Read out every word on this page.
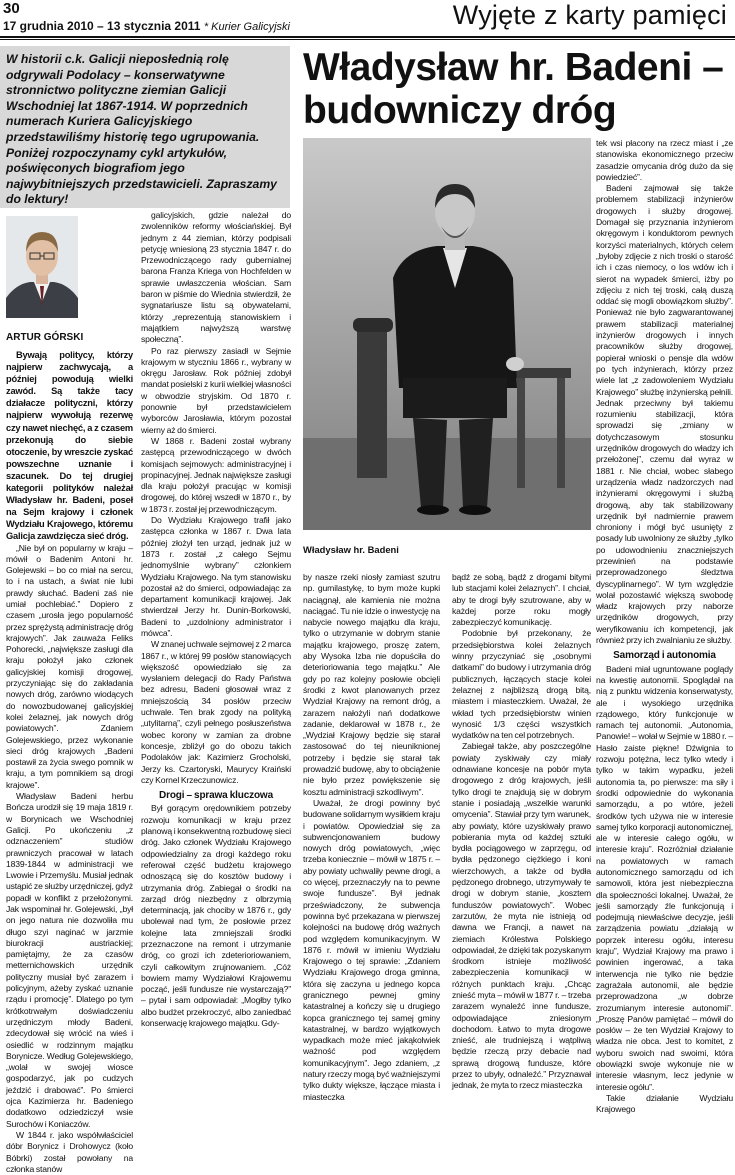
30
17 grudnia 2010 – 13 stycznia 2011 * Kurier Galicyjski	Wyjęte z karty pamięci
W historii c.k. Galicji nieposłednią rolę odgrywali Podolacy – konserwatywne stronnictwo polityczne ziemian Galicji Wschodniej lat 1867-1914. W poprzednich numerach Kuriera Galicyjskiego przedstawiliśmy historię tego ugrupowania. Poniżej rozpoczynamy cykl artykułów, poświęconych biografiom jego najwybitniejszych przedstawicieli. Zapraszamy do lektury!
Władysław hr. Badeni – budowniczy dróg
ARTUR GÓRSKI

Bywają politycy, którzy najpierw zachwycają, a później powodują wielki zawód. Są także tacy działacze polityczni, którzy najpierw wywołują rezerwę czy nawet niechęć, a z czasem przekonują do siebie otoczenie, by wreszcie zyskać powszechne uznanie i szacunek. Do tej drugiej kategorii polityków należał Władysław hr. Badeni, poseł na Sejm krajowy i członek Wydziału Krajowego, któremu Galicja zawdzięcza sieć dróg.

„Nie był on popularny w kraju – mówił o Badenim Antoni hr. Golejewski – bo co miał na sercu, to i na ustach, a świat nie lubi prawdy słuchać. Badeni zaś nie umiał pochlebiać.” Dopiero z czasem „urosła jego popularność przez sprężystą administrację dróg krajowych”. Jak zauważa Feliks Pohorecki, „największe zasługi dla kraju położył jako członek galicyjskiej komisji drogowej, przyczyniając się do zakładania nowych dróg, zarówno wiodących do nowozbudowanej galicyjskiej kolei żelaznej, jak nowych dróg powiatowych”. Zdaniem Golejewskiego, przez wykonanie sieci dróg krajowych „Badeni postawił za życia swego pomnik w kraju, a tym pomnikiem są drogi krajowe”.

Władysław Badeni herbu Bończa urodził się 19 maja 1819 r. w Borynicach we Wschodniej Galicji. Po ukończeniu „z odznaczeniem” studiów prawniczych pracował w latach 1839-1844 w administracji we Lwowie i Przemyślu. Musiał jednak ustąpić ze służby urzędniczej, gdyż popadł w konflikt z przełożonymi. Jak wspominał hr. Golejewski, „był on jego natura nie dozwoliła mu długo szyi naginać w jarzmie biurokracji austriackiej; pamiętajmy, że za czasów metternichowskich urzędnik polityczny musiał być zarazem i policyjnym, ażeby zyskać uznanie rządu i promocję”. Dlatego po tym krótkotrwałym doświadczeniu urzędniczym młody Badeni, zdecydował się wrócić na wieś i osiedlić w rodzinnym majątku Borynicze. Według Golejewskiego, „wolał w swojej wiosce gospodarzyć, jak po cudzych jeździć i drabować”. Po śmierci ojca Kazimierza hr. Badeniego dodatkowo odziedziczył wsie Surochów i Koniaczów.

W 1844 r. jako współwłaściciel dóbr Borynicz i Drohowycz (koło Bóbrki) został powołany na członka stanów

galicyjskich, gdzie należał do zwolenników reformy włościańskiej. Był jednym z 44 ziemian, którzy podpisali petycję wniesioną 23 stycznia 1847 r. do Przewodniczącego rady gubernialnej barona Franza Kriega von Hochfelden w sprawie uwłaszczenia włościan. Sam baron w piśmie do Wiednia stwierdził, że sygnatariusze listu są obywatelami, którzy „reprezentują stanowiskiem i majątkiem najwyższą warstwę społeczną”.

Po raz pierwszy zasiadł w Sejmie krajowym w styczniu 1866 r., wybrany w okręgu Jarosław. Rok później zdobył mandat posielski z kurii wielkiej własności w obwodzie stryjskim. Od 1870 r. ponownie był przedstawicielem wyborców Jarosławia, którym pozostał wierny aż do śmierci.

W 1868 r. Badeni został wybrany zastępcą przewodniczącego w dwóch komisjach sejmowych: administracyjnej i propinacyjnej. Jednak największe zasługi dla kraju położył pracując w komisji drogowej, do której wszedł w 1870 r., by w 1873 r. został jej przewodniczącym.

Do Wydziału Krajowego trafił jako zastępca członka w 1867 r. Dwa lata później złożył ten urząd, jednak już w 1873 r. został „z całego Sejmu jednomyślnie wybrany” członkiem Wydziału Krajowego. Na tym stanowisku pozostał aż do śmierci, odpowiadając za departament komunikacji krajowej. Jak stwierdzał Jerzy hr. Dunin-Borkowski, Badeni to „uzdolniony administrator i mówca”.

W znanej uchwale sejmowej z 2 marca 1867 r., w której 99 posłów stanowiących większość opowiedziało się za wysłaniem delegacji do Rady Państwa bez adresu, Badeni głosował wraz z mniejszością 34 posłów przeciw uchwale. Ten brak zgody na polityką „utylitarną”, czyli pełnego posłuszeństwa wobec korony w zamian za drobne koncesje, zbliżył go do obozu takich Podolaków jak: Kazimierz Grocholski, Jerzy ks. Czartoryski, Maurycy Kraiński czy Kornel Krzeczunowicz.

Drogi – sprawa kluczowa

Był gorącym orędownikiem potrzeby rozwoju komunikacji w kraju przez planową i konsekwentną rozbudowę sieci dróg. Jako członek Wydziału Krajowego odpowiedzialny za drogi każdego roku referował część budżetu krajowego odnoszącą się do kosztów budowy i utrzymania dróg. Zabiegał o środki na zarząd dróg niezbędny z olbrzymią determinacją, jak chociby w 1876 r., gdy ubolewał nad tym, że posłowie przez kolejne lata zmniejszali środki przeznaczone na remont i utrzymanie dróg, co grozi ich zdeterioriowaniem, czyli całkowitym zrujnowaniem. „Cóż bowiem mamy Wydziałowi Krajowemu począć, jeśli fundusze nie wystarczają?” – pytał i sam odpowiadał: „Mogłby tylko albo budżet przekroczyć, albo zaniedbać konserwację krajowego majątku. Gdy-

Władysław hr. Badeni

tek wsi płacony na rzecz miast i „ze stanowiska ekonomicznego przeciw zasadzie omycania dróg dużo da się powiedzieć”.

Badeni zajmował się także problemem stabilizacji inżynierów drogowych i służby drogowej. Domagał się przyznania inżynierom okręgowym i konduktorom pewnych korzyści materialnych, których celem „byłoby zdjęcie z nich troski o starość ich i czas niemocy, o los wdów ich i sierot na wypadek śmierci, iżby po zdjęciu z nich tej troski, całą duszą oddać się mogli obowiązkom służby”. Ponieważ nie było zagwarantowanej prawem stabilizacji materialnej inżynierów drogowych i innych pracowników służby drogowej, popierał wnioski o pensje dla wdów po tych inżynierach, którzy przez wiele lat „z zadowoleniem Wydziału Krajowego” służbę inżynierską pełnili. Jednak przeciwny był takiemu rozumieniu stabilizacji, która sprowadzi się „zmiany w dotychczasowym stosunku urzędników drogowych do władzy ich przełożonej”, czemu dał wyraz w 1881 r. Nie chciał, wobec słabego urządzenia władz nadzorczych nad inżynierami okręgowymi i służbą drogową, aby tak stabilizowany urzędnik był nadmiernie prawem chroniony i mógł być usunięty z posady lub uwolniony ze służby „tylko po udowodnieniu znaczniejszych przewinień na podstawie przeprowadzonego śledztwa dyscyplinarnego”. W tym względzie wolał pozostawić większą swobodę władz krajowych przy naborze urzędników drogowych, przy weryfikowaniu ich kompetencji, jak również przy ich zwalnianiu ze służby.

Samorząd i autonomia

Badeni miał ugruntowane poglądy na kwestię autonomii. Spoglądał na nią z punktu widzenia konserwatysty, ale i wysokiego urzędnika rządowego, który funkcjonuje w ramach tej autonomii. „Autonomia, Panowie! – wołał w Sejmie w 1880 r. – Hasło zaiste piękne! Dźwignia to rozwoju potężna, lecz tylko wtedy i tylko w takim wypadku, jeżeli autonomia ta, po pierwsze: ma siły i środki odpowiednie do wykonania samorządu, a po wtóre, jeżeli środków tych używa nie w interesie samej tylko korporacji autonomicznej, ale w interesie całego ogółu, w interesie kraju”. Rozróżniał działanie na powiatowych w ramach autonomicznego samorządu od ich samowoli, która jest niebezpieczna dla społeczności lokalnej. Uważał, że jeśli samorządy źle funkcjonują i podejmują niewłaściwe decyzje, jeśli zarządzenia powiatu „działają w poprzek interesu ogółu, interesu kraju”, Wydział Krajowy ma prawo i powinien ingerować, a taka interwencja nie tylko nie będzie zagrażała autonomii, ale będzie przeprowadzona „w dobrze zrozumianym interesie autonomii”. „Proszę Panów pamiętać – mówił do posłów – że ten Wydział Krajowy to władza nie obca. Jest to komitet, z wyboru swoich nad swoimi, która obowiązki swoje wykonuje nie w interesie własnym, lecz jedynie w interesie ogółu”.

Takie działanie Wydziału Krajowego

by nasze rzeki niosły zamiast szutru np. gumilastykę, to bym może kupki naciągnął, ale kamienia nie można naciągać. Tu nie idzie o inwestycję na nabycie nowego majątku dla kraju, tylko o utrzymanie w dobrym stanie majątku krajowego, proszę zatem, aby Wysoka Izba nie dopuściła do deterioriowania tego majątku.” Ale gdy po raz kolejny posłowie obcięli środki z kwot planowanych przez Wydział Krajowy na remont dróg, a zarazem nałożyli nań dodatkowe zadanie, deklarował w 1878 r., że „Wydział Krajowy będzie się starał zastosować do tej nieuniknionej potrzeby i będzie się starał tak prowadzić budowę, aby to obciążenie nie było przez powiększenie się kosztu administracji szkodliwym”.

Uważał, że drogi powinny być budowane solidarnym wysiłkiem kraju i powiatów. Opowiedział się za subwencjonowaniem budowy nowych dróg powiatowych, „więc trzeba koniecznie – mówił w 1875 r. – aby powiaty uchwaliły pewne drogi, a co więcej, przeznaczyły na to pewne swoje fundusze”. Był jednak przeświadczony, że subwencja powinna być przekazana w pierwszej kolejności na budowę dróg ważnych pod względem komunikacyjnym. W 1876 r. mówił w imieniu Wydziału Krajowego o tej sprawie: „Zdaniem Wydziału Krajowego droga gminna, która się zaczyna u jednego kopca granicznego pewnej gminy katastralnej a kończy się u drugiego kopca granicznego tej samej gminy katastralnej, w bardzo wyjątkowych wypadkach może mieć jakąkolwiek ważność pod względem komunikacyjnym”. Jego zdaniem, „z natury rzeczy mogą być ważniejszymi tylko dukty większe, łączące miasta i miasteczka

bądź ze sobą, bądź z drogami bitymi lub stacjami kolei żelaznych”. I chciał, aby te drogi były szutrowane, aby w każdej porze roku mogły zabezpieczyć komunikację.

Podobnie był przekonany, że przedsiębiorstwa kolei żelaznych winny przyczyniać się „osobnymi datkami” do budowy i utrzymania dróg publicznych, łączących stacje kolei żelaznej z najbliższą drogą bitą, miastem i miasteczkiem. Uważał, że wkład tych przedsiębiorstw winien wynosić 1/3 części wszystkich wydatków na ten cel potrzebnych.

Zabiegał także, aby poszczególne powiaty zyskiwały czy miały odnawiane koncesje na pobór myta drogowego z dróg krajowych, jeśli tylko drogi te znajdują się w dobrym stanie i posiadają „wszelkie warunki omycenia”. Stawiał przy tym warunek, aby powiaty, które uzyskiwały prawo pobierania myta od każdej sztuki bydła pociągowego w zaprzęgu, od bydła pędzonego ciężkiego i koni wierzchowych, a także od bydła pędzonego drobnego, utrzymywały te drogi w dobrym stanie, „kosztem funduszów powiatowych”. Wobec zarzutów, że myta nie istnieją od dawna we Francji, a nawet na ziemiach Królestwa Polskiego odpowiadał, że dzięki tak pozyskanym środkom istnieje możliwość zabezpieczenia komunikacji w różnych punktach kraju. „Chcąc znieść myta – mówił w 1877 r. – trzeba zarazem wynaleźć inne fundusze, odpowiadające zniesionym dochodom. Łatwo to myta drogowe znieść, ale trudniejszą i wątpliwą będzie rzeczą przy debacie nad sprawą drogową fundusze, które przez to ubyły, odnaleźć.” Przyznawał jednak, że myta to rzecz miasteczka
